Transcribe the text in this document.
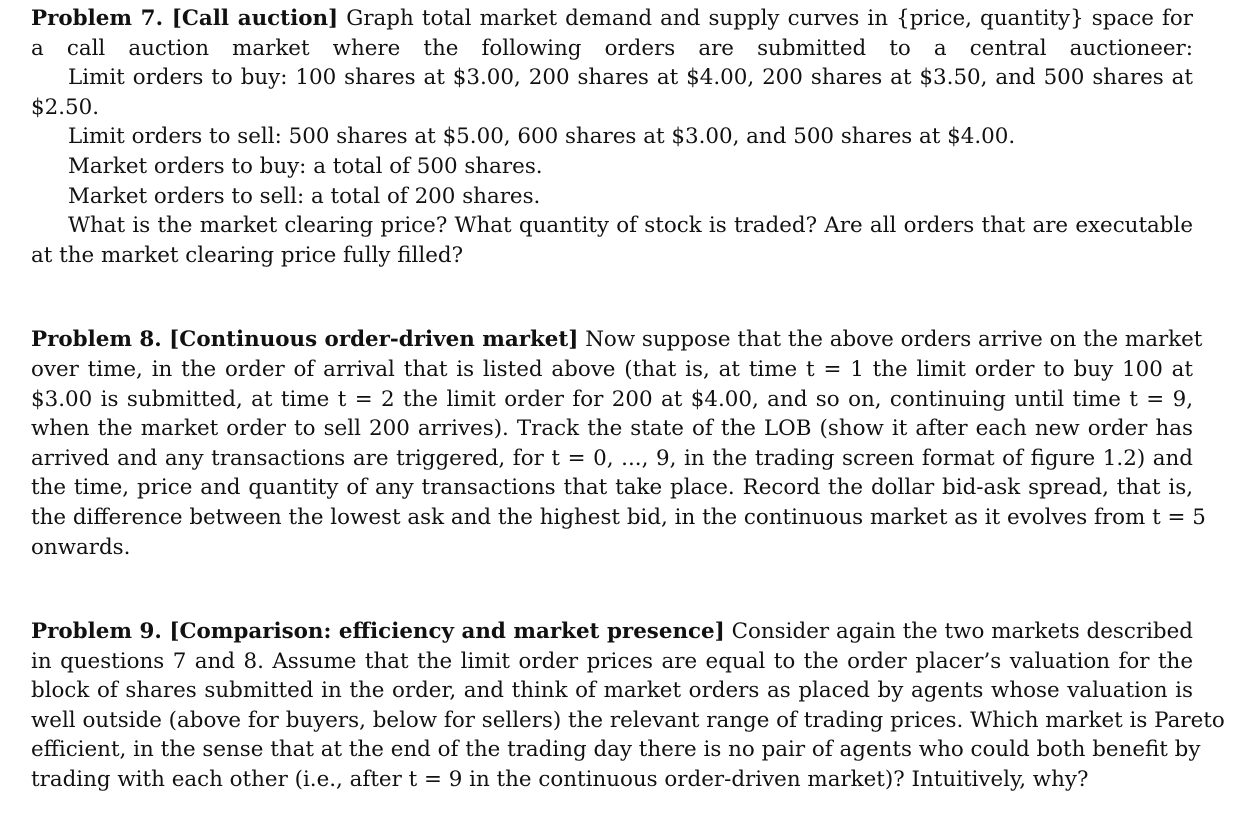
Problem 7. [Call auction] Graph total market demand and supply curves in {price, quantity} space for
a call auction market where the following orders are submitted to a central auctioneer:
Limit orders to buy: 100 shares at $3.00, 200 shares at $4.00, 200 shares at $3.50, and 500 shares at
$2.50.
Limit orders to sell: 500 shares at $5.00, 600 shares at $3.00, and 500 shares at $4.00.
Market orders to buy: a total of 500 shares.
Market orders to sell: a total of 200 shares.
What is the market clearing price? What quantity of stock is traded? Are all orders that are executable
at the market clearing price fully filled?
Problem 8. [Continuous order-driven market] Now suppose that the above orders arrive on the market
over time, in the order of arrival that is listed above (that is, at time t = 1 the limit order to buy 100 at
$3.00 is submitted, at time t = 2 the limit order for 200 at $4.00, and so on, continuing until time t = 9,
when the market order to sell 200 arrives). Track the state of the LOB (show it after each new order has
arrived and any transactions are triggered, for t = 0, ..., 9, in the trading screen format of figure 1.2) and
the time, price and quantity of any transactions that take place. Record the dollar bid-ask spread, that is,
the difference between the lowest ask and the highest bid, in the continuous market as it evolves from t = 5
onwards.
Problem 9. [Comparison: efficiency and market presence] Consider again the two markets described
in questions 7 and 8. Assume that the limit order prices are equal to the order placer’s valuation for the
block of shares submitted in the order, and think of market orders as placed by agents whose valuation is
well outside (above for buyers, below for sellers) the relevant range of trading prices. Which market is Pareto
efficient, in the sense that at the end of the trading day there is no pair of agents who could both benefit by
trading with each other (i.e., after t = 9 in the continuous order-driven market)? Intuitively, why?
